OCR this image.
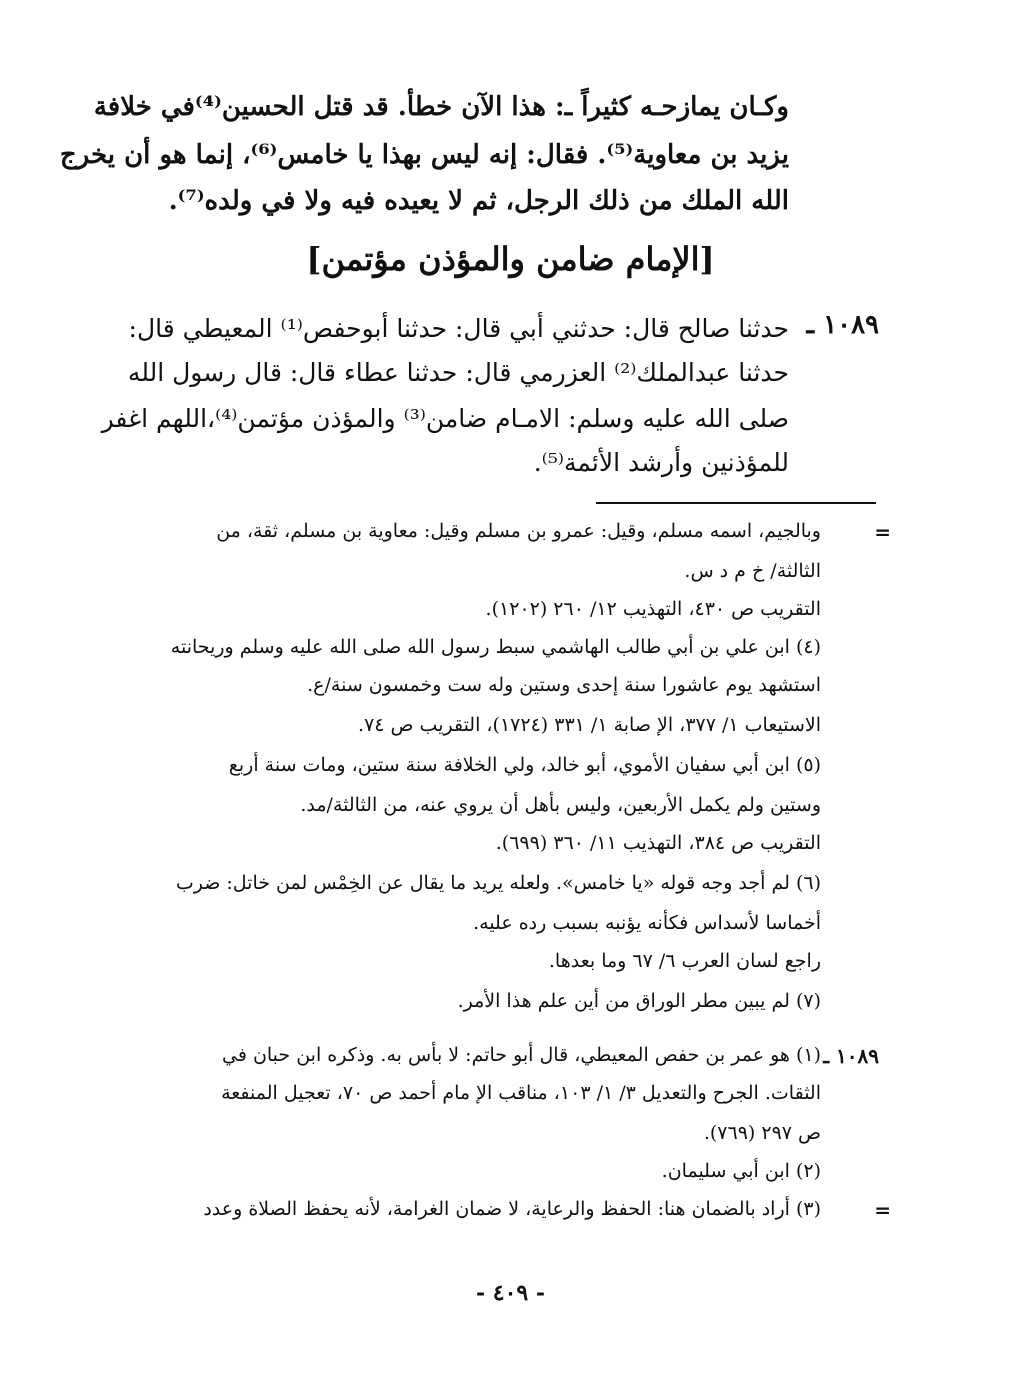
وكـان يمازحـه كثيراً ـ: هذا الآن خطأ. قد قتل الحسين⁽⁴⁾في خلافة
يزيد بن معاوية⁽⁵⁾. فقال: إنه ليس بهذا يا خامس⁽⁶⁾، إنما هو أن يخرج
الله الملك من ذلك الرجل، ثم لا يعيده فيه ولا في ولده⁽⁷⁾.
[الإمام ضامن والمؤذن مؤتمن]
١٠٨٩ ـ
حدثنا صالح قال: حدثني أبي قال: حدثنا أبوحفص⁽¹⁾ المعيطي قال:
حدثنا عبدالملك⁽²⁾ العزرمي قال: حدثنا عطاء قال: قال رسول الله
صلى الله عليه وسلم: الامـام ضامن⁽³⁾ والمؤذن مؤتمن⁽⁴⁾،اللهم اغفر
للمؤذنين وأرشد الأئمة⁽⁵⁾.
=
وبالجيم، اسمه مسلم، وقيل: عمرو بن مسلم وقيل: معاوية بن مسلم، ثقة، من
الثالثة/ خ م د س.
التقريب ص ٤٣٠، التهذيب ١٢/ ٢٦٠ (١٢٠٢).
(٤) ابن علي بن أبي طالب الهاشمي سبط رسول الله صلى الله عليه وسلم وريحانته
استشهد يوم عاشورا سنة إحدى وستين وله ست وخمسون سنة/ع.
الاستيعاب ١/ ٣٧٧، الإ صابة ١/ ٣٣١ (١٧٢٤)، التقريب ص ٧٤.
(٥) ابن أبي سفيان الأموي، أبو خالد، ولي الخلافة سنة ستين، ومات سنة أربع
وستين ولم يكمل الأربعين، وليس بأهل أن يروي عنه، من الثالثة/مد.
التقريب ص ٣٨٤، التهذيب ١١/ ٣٦٠ (٦٩٩).
(٦) لم أجد وجه قوله «يا خامس». ولعله يريد ما يقال عن الخِمْس لمن خاتل: ضرب
أخماسا لأسداس فكأنه يؤنبه بسبب رده عليه.
راجع لسان العرب ٦/ ٦٧ وما بعدها.
(٧) لم يبين مطر الوراق من أين علم هذا الأمر.
١٠٨٩ ـ
(١) هو عمر بن حفص المعيطي، قال أبو حاتم: لا بأس به. وذكره ابن حبان في
الثقات. الجرح والتعديل ٣/ ١/ ١٠٣، مناقب الإ مام أحمد ص ٧٠، تعجيل المنفعة
ص ٢٩٧ (٧٦٩).
(٢) ابن أبي سليمان.
(٣) أراد بالضمان هنا: الحفظ والرعاية، لا ضمان الغرامة، لأنه يحفظ الصلاة وعدد	=
- ٤٠٩ -
